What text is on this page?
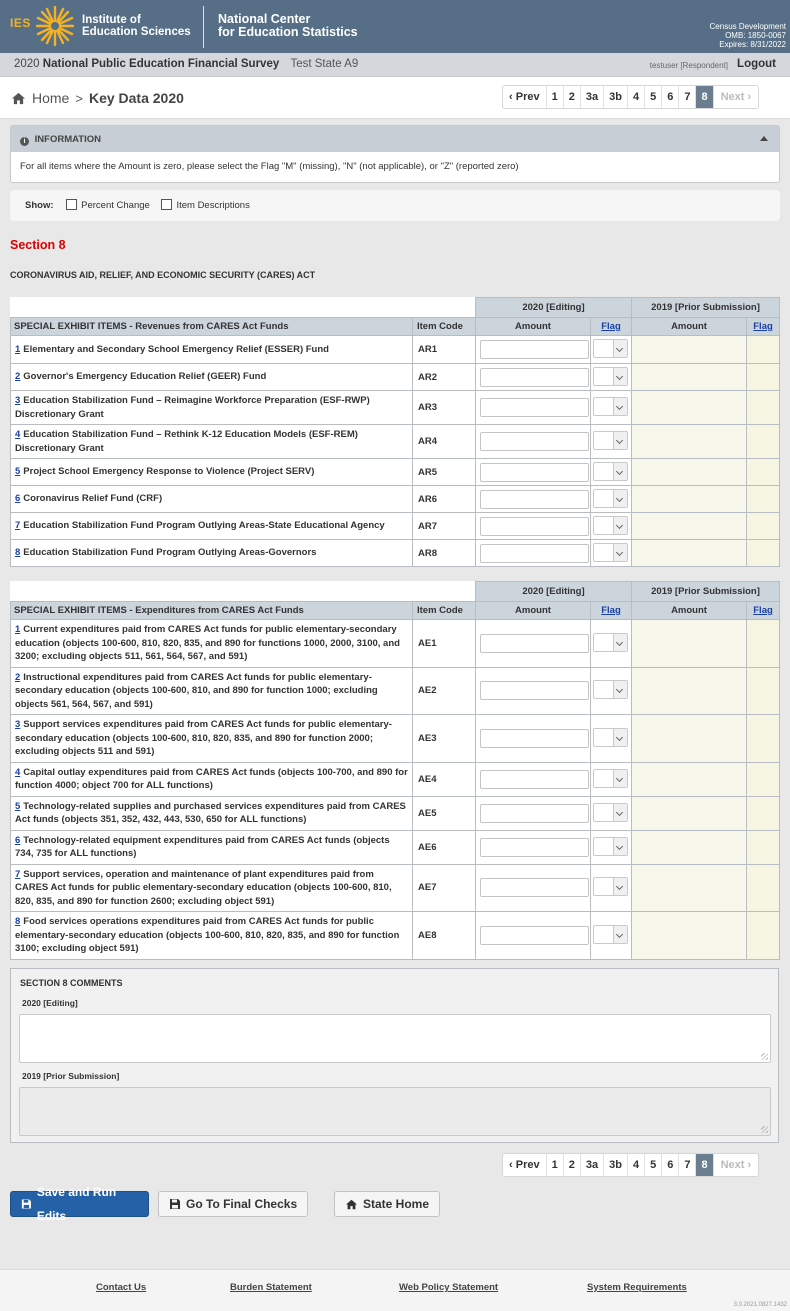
IES	Institute of
Education Sciences
National Center
for Education Statistics	Census Development
OMB: 1850-0067
Expires: 8/31/2022
2020 National Public Education Financial Survey Test State A9	testuser [Respondent] Logout
Home > Key Data 2020	‹ Prev	1	2	3a	3b	4	5	6	7	8	Next ›
i INFORMATION
For all items where the Amount is zero, please select the Flag "M" (missing), "N" (not applicable), or "Z" (reported zero)
Show:	Percent Change	Item Descriptions
Section 8
CORONAVIRUS AID, RELIEF, AND ECONOMIC SECURITY (CARES) ACT
		2020 [Editing]		2019 [Prior Submission]	
SPECIAL EXHIBIT ITEMS - Revenues from CARES Act Funds	Item Code	Amount	Flag	Amount	Flag
1 Elementary and Secondary School Emergency Relief (ESSER) Fund	AR1	

2 Governor's Emergency Education Relief (GEER) Fund	AR2	

3 Education Stabilization Fund – Reimagine Workforce Preparation (ESF-RWP) Discretionary Grant	AR3	

4 Education Stabilization Fund – Rethink K-12 Education Models (ESF-REM) Discretionary Grant	AR4	

5 Project School Emergency Response to Violence (Project SERV)	AR5	

6 Coronavirus Relief Fund (CRF)	AR6	

7 Education Stabilization Fund Program Outlying Areas-State Educational Agency	AR7	

8 Education Stabilization Fund Program Outlying Areas-Governors	AR8	

		2020 [Editing]		2019 [Prior Submission]	
SPECIAL EXHIBIT ITEMS - Expenditures from CARES Act Funds	Item Code	Amount	Flag	Amount	Flag
1 Current expenditures paid from CARES Act funds for public elementary-secondary education (objects 100-600, 810, 820, 835, and 890 for functions 1000, 2000, 3100, and 3200; excluding objects 511, 561, 564, 567, and 591)	AE1	

2 Instructional expenditures paid from CARES Act funds for public elementary-secondary education (objects 100-600, 810, and 890 for function 1000; excluding objects 561, 564, 567, and 591)	AE2	

3 Support services expenditures paid from CARES Act funds for public elementary-secondary education (objects 100-600, 810, 820, 835, and 890 for function 2000; excluding objects 511 and 591)	AE3	

4 Capital outlay expenditures paid from CARES Act funds (objects 100-700, and 890 for function 4000; object 700 for ALL functions)	AE4	

5 Technology-related supplies and purchased services expenditures paid from CARES Act funds (objects 351, 352, 432, 443, 530, 650 for ALL functions)	AE5	

6 Technology-related equipment expenditures paid from CARES Act funds (objects 734, 735 for ALL functions)	AE6	

7 Support services, operation and maintenance of plant expenditures paid from CARES Act funds for public elementary-secondary education (objects 100-600, 810, 820, 835, and 890 for function 2600; excluding object 591)	AE7	

8 Food services operations expenditures paid from CARES Act funds for public elementary-secondary education (objects 100-600, 810, 820, 835, and 890 for function 3100; excluding object 591)	AE8	

SECTION 8 COMMENTS
2020 [Editing]
2019 [Prior Submission]
‹ Prev	1	2	3a	3b	4	5	6	7	8	Next ›
Save and Run Edits
Go To Final Checks	State Home
Contact Us	Burden Statement	Web Policy Statement	System Requirements
3.0.2021.0827.1432
